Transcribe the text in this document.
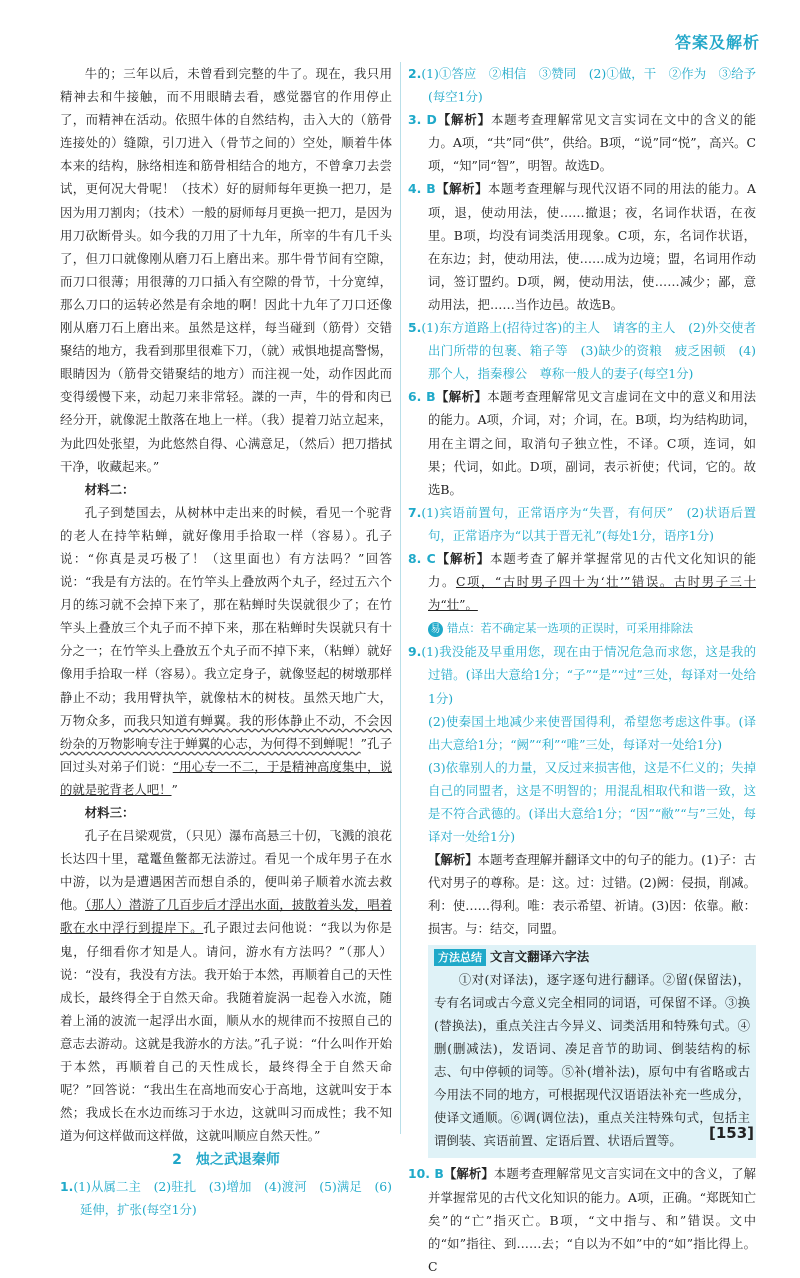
答案及解析

牛的；三年以后，未曾看到完整的牛了。现在，我只用精神去和牛接触，而不用眼睛去看，感觉器官的作用停止了，而精神在活动。依照牛体的自然结构，击入大的（筋骨连接处的）缝隙，引刀进入（骨节之间的）空处，顺着牛体本来的结构，脉络相连和筋骨相结合的地方，不曾拿刀去尝试，更何况大骨呢！（技术）好的厨师每年更换一把刀，是因为用刀割肉；（技术）一般的厨师每月更换一把刀，是因为用刀砍断骨头。如今我的刀用了十九年，所宰的牛有几千头了，但刀口就像刚从磨刀石上磨出来。那牛骨节间有空隙，而刀口很薄；用很薄的刀口插入有空隙的骨节，十分宽绰，那么刀口的运转必然是有余地的啊！因此十九年了刀口还像刚从磨刀石上磨出来。虽然是这样，每当碰到（筋骨）交错聚结的地方，我看到那里很难下刀，（就）戒惧地提高警惕，眼睛因为（筋骨交错聚结的地方）而注视一处，动作因此而变得缓慢下来，动起刀来非常轻。謋的一声，牛的骨和肉已经分开，就像泥土散落在地上一样。（我）提着刀站立起来，为此四处张望，为此悠然自得、心满意足，（然后）把刀揩拭干净，收藏起来。”

材料二：

孔子到楚国去，从树林中走出来的时候，看见一个驼背的老人在持竿粘蝉，就好像用手拾取一样（容易）。孔子说：“你真是灵巧极了！（这里面也）有方法吗？”回答说：“我是有方法的。在竹竿头上叠放两个丸子，经过五六个月的练习就不会掉下来了，那在粘蝉时失误就很少了；在竹竿头上叠放三个丸子而不掉下来，那在粘蝉时失误就只有十分之一；在竹竿头上叠放五个丸子而不掉下来，（粘蝉）就好像用手拾取一样（容易）。我立定身子，就像竖起的树墩那样静止不动；我用臂执竿，就像枯木的树枝。虽然天地广大，万物众多，而我只知道有蝉翼。我的形体静止不动，不会因纷杂的万物影响专注于蝉翼的心志，为何得不到蝉呢！”孔子回过头对弟子们说：“用心专一不二，于是精神高度集中，说的就是驼背老人吧！”

材料三：

孔子在吕梁观赏，（只见）瀑布高悬三十仞，飞溅的浪花长达四十里，鼋鼍鱼鳖都无法游过。看见一个成年男子在水中游，以为是遭遇困苦而想自杀的，便叫弟子顺着水流去救他。（那人）潜游了几百步后才浮出水面，披散着头发，唱着歌在水中浮行到提岸下。孔子跟过去问他说：“我以为你是鬼，仔细看你才知是人。请问，游水有方法吗？”（那人）说：“没有，我没有方法。我开始于本然，再顺着自己的天性成长，最终得全于自然天命。我随着旋涡一起卷入水流，随着上涌的波流一起浮出水面，顺从水的规律而不按照自己的意志去游动。这就是我游水的方法。”孔子说：“什么叫作开始于本然，再顺着自己的天性成长，最终得全于自然天命呢？”回答说：“我出生在高地而安心于高地，这就叫安于本然；我成长在水边而练习于水边，这就叫习而成性；我不知道为何这样做而这样做，这就叫顺应自然天性。”

2　烛之武退秦师

1.(1)从属二主　(2)驻扎　(3)增加　(4)渡河　(5)满足　(6)延伸，扩张(每空1分)

2.(1)①答应　②相信　③赞同　(2)①做，干　②作为　③给予(每空1分)

3. D【解析】本题考查理解常见文言实词在文中的含义的能力。A项，“共”同“供”，供给。B项，“说”同“悦”，高兴。C项，“知”同“智”，明智。故选D。

4. B【解析】本题考查理解与现代汉语不同的用法的能力。A项，退，使动用法，使……撤退；夜，名词作状语，在夜里。B项，均没有词类活用现象。C项，东，名词作状语，在东边；封，使动用法，使……成为边境；盟，名词用作动词，签订盟约。D项，阙，使动用法，使……减少；鄙，意动用法，把……当作边邑。故选B。

5.(1)东方道路上(招待过客)的主人　请客的主人　(2)外交使者　出门所带的包裹、箱子等　(3)缺少的资粮　疲乏困顿　(4)那个人，指秦穆公　尊称一般人的妻子(每空1分)

6. B【解析】本题考查理解常见文言虚词在文中的意义和用法的能力。A项，介词，对；介词，在。B项，均为结构助词，用在主谓之间，取消句子独立性，不译。C项，连词，如果；代词，如此。D项，副词，表示祈使；代词，它的。故选B。

7.(1)宾语前置句，正常语序为“失晋，有何厌”　(2)状语后置句，正常语序为“以其于晋无礼”(每处1分，语序1分)

8. C【解析】本题考查了解并掌握常见的古代文化知识的能力。C项，“古时男子四十为‘壮’”错误。古时男子三十为“壮”。

易 错点：若不确定某一选项的正误时，可采用排除法

9.(1)我没能及早重用您，现在由于情况危急而求您，这是我的过错。(译出大意给1分；“子”“是”“过”三处，每译对一处给1分)

(2)使秦国土地减少来使晋国得利，希望您考虑这件事。(译出大意给1分；“阙”“利”“唯”三处，每译对一处给1分)

(3)依靠别人的力量，又反过来损害他，这是不仁义的；失掉自己的同盟者，这是不明智的；用混乱相取代和谐一致，这是不符合武德的。(译出大意给1分；“因”“敝”“与”三处，每译对一处给1分)

【解析】本题考查理解并翻译文中的句子的能力。(1)子：古代对男子的尊称。是：这。过：过错。(2)阙：侵损，削减。利：使……得利。唯：表示希望、祈请。(3)因：依靠。敝：损害。与：结交，同盟。

方法总结 文言文翻译六字法

①对(对译法)，逐字逐句进行翻译。②留(保留法)，专有名词或古今意义完全相同的词语，可保留不译。③换(替换法)，重点关注古今异义、词类活用和特殊句式。④删(删减法)，发语词、凑足音节的助词、倒装结构的标志、句中停顿的词等。⑤补(增补法)，原句中有省略或古今用法不同的地方，可根据现代汉语语法补充一些成分，使译文通顺。⑥调(调位法)，重点关注特殊句式，包括主谓倒装、宾语前置、定语后置、状语后置等。

10. B【解析】本题考查理解常见文言实词在文中的含义，了解并掌握常见的古代文化知识的能力。A项，正确。“郑既知亡矣”的“亡”指灭亡。B项，“文中指与、和”错误。文中的“如”指往、到……去；“自以为不如”中的“如”指比得上。C

[153]
